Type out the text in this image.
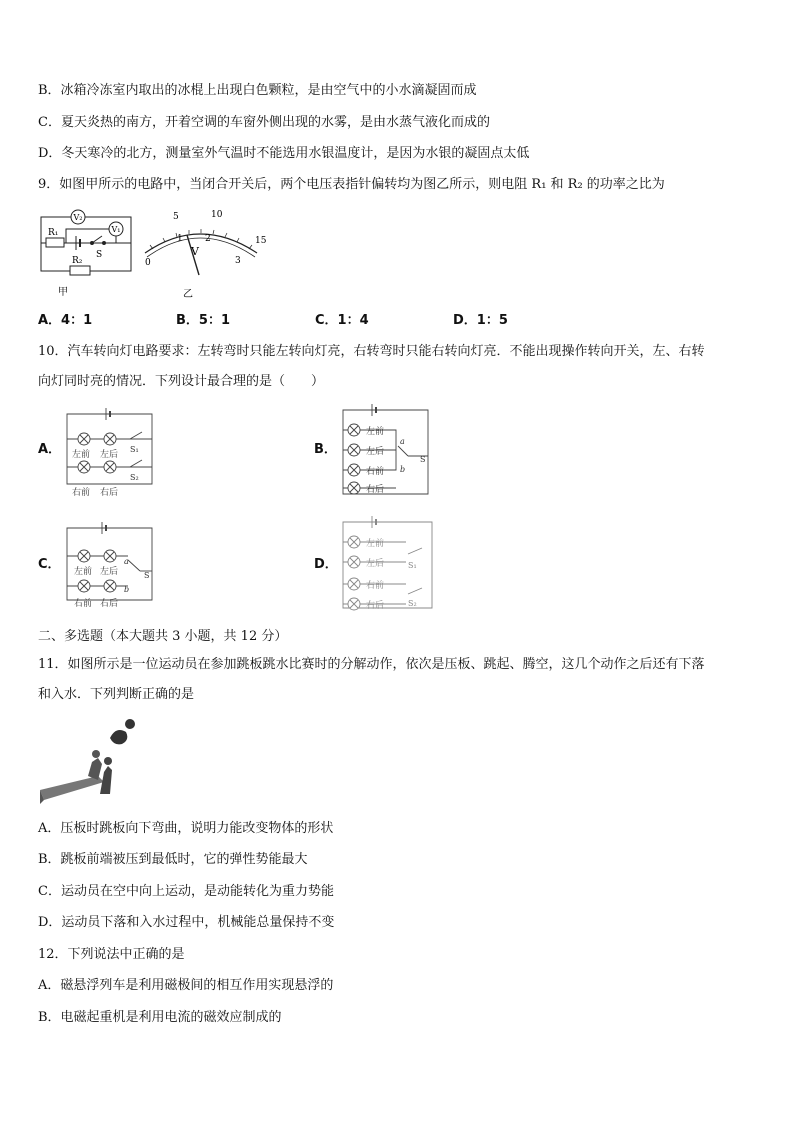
B．冰箱冷冻室内取出的冰棍上出现白色颗粒，是由空气中的小水滴凝固而成
C．夏天炎热的南方，开着空调的车窗外侧出现的水雾，是由水蒸气液化而成的
D．冬天寒冷的北方，测量室外气温时不能选用水银温度计，是因为水银的凝固点太低
9．如图甲所示的电路中，当闭合开关后，两个电压表指针偏转均为图乙所示，则电阻 R₁ 和 R₂ 的功率之比为
V₂
V₁
R₁
S
R₂
甲
5	10
15
0
1 2
3
V
乙
A．4：1	B．5：1	C．1：4	D．1：5
10．汽车转向灯电路要求：左转弯时只能左转向灯亮，右转弯时只能右转向灯亮．不能出现操作转向开关，左、右转
向灯同时亮的情况．下列设计最合理的是（　　）
A． 左前 左后
右前 右后
S₁
S₂
B．
左前
左后
右前
右后
a
b
S
C． 左前 左后
右前 右后
a
b
S
D．
左前
左后
右前
右后
S₁
S₂
二、多选题（本大题共 3 小题，共 12 分）
11．如图所示是一位运动员在参加跳板跳水比赛时的分解动作，依次是压板、跳起、腾空，这几个动作之后还有下落
和入水．下列判断正确的是
A．压板时跳板向下弯曲，说明力能改变物体的形状
B．跳板前端被压到最低时，它的弹性势能最大
C．运动员在空中向上运动，是动能转化为重力势能
D．运动员下落和入水过程中，机械能总量保持不变
12．下列说法中正确的是
A．磁悬浮列车是利用磁极间的相互作用实现悬浮的
B．电磁起重机是利用电流的磁效应制成的
